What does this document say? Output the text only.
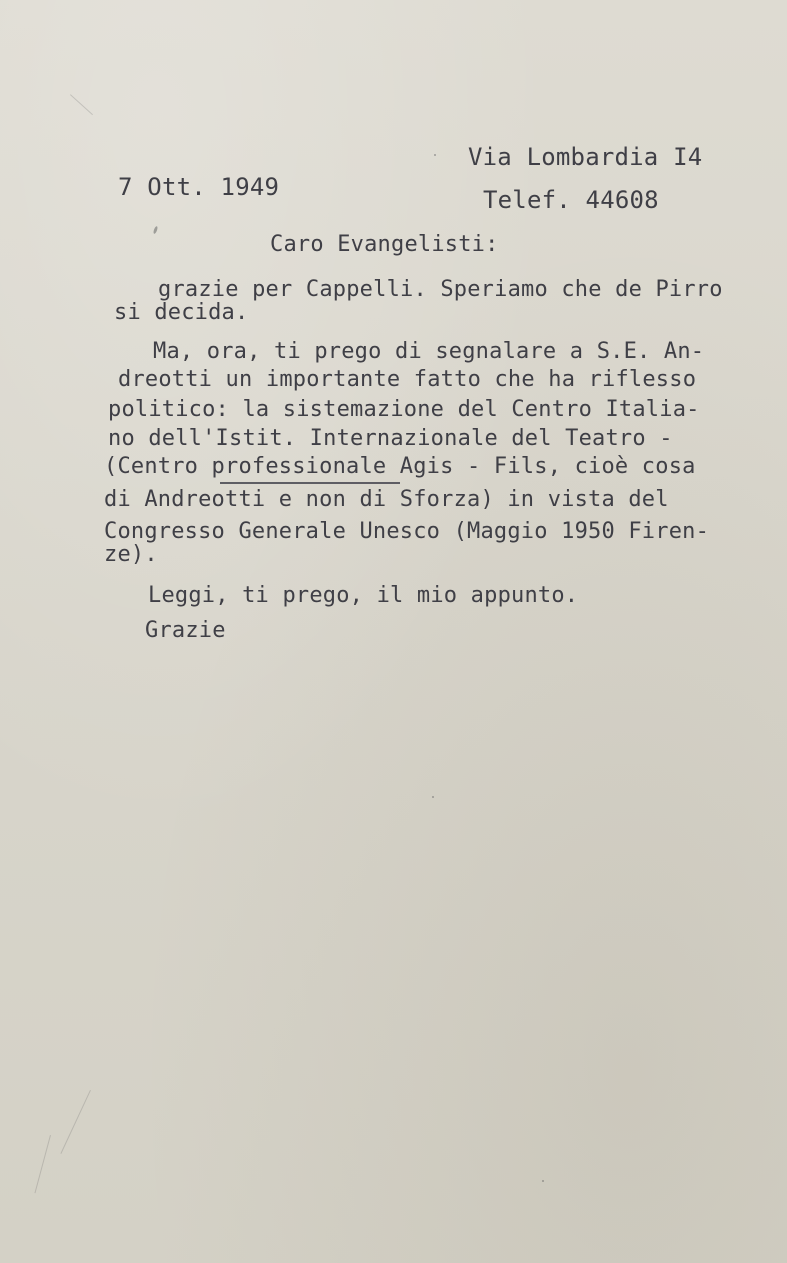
Via Lombardia I4
7 Ott. 1949	Telef. 44608
Caro Evangelisti:
grazie per Cappelli. Speriamo che de Pirro
si decida.
Ma, ora, ti prego di segnalare a S.E. An-
dreotti un importante fatto che ha riflesso
politico: la sistemazione del Centro Italia-
no dell'Istit. Internazionale del Teatro -
(Centro professionale Agis - Fils, cioè cosa
di Andreotti e non di Sforza) in vista del
Congresso Generale Unesco (Maggio 1950 Firen-
ze).
Leggi, ti prego, il mio appunto.
Grazie
